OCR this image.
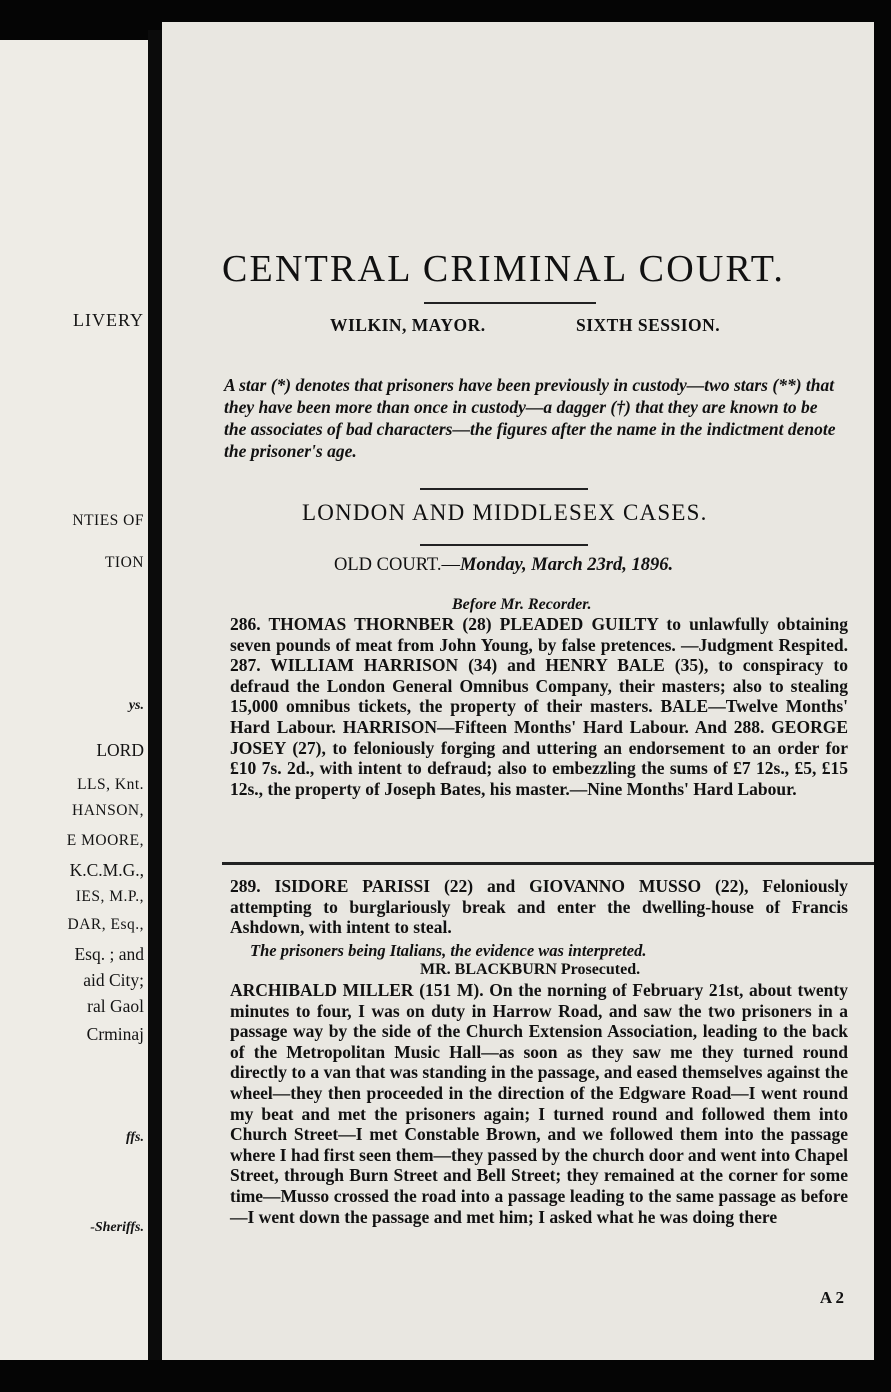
LIVERY
NTIES OF
TION
ys.
LORD
LLS, Knt.
HANSON,
E MOORE,
K.C.M.G.,
IES, M.P.,
DAR, Esq.,
Esq. ; and
aid City;
ral Gaol
Crminaj
ffs.
-Sheriffs.
CENTRAL CRIMINAL COURT.
WILKIN, MAYOR.	SIXTH SESSION.
A star (*) denotes that prisoners have been previously in custody—two stars (**) that they have been more than once in custody—a dagger (†) that they are known to be the associates of bad characters—the figures after the name in the indictment denote the prisoner's age.
LONDON AND MIDDLESEX CASES.
OLD COURT.—Monday, March 23rd, 1896.
Before Mr. Recorder.
286. THOMAS THORNBER (28) PLEADED GUILTY to unlawfully obtaining seven pounds of meat from John Young, by false pretences. —Judgment Respited. 287. WILLIAM HARRISON (34) and HENRY BALE (35), to conspiracy to defraud the London General Omnibus Company, their masters; also to stealing 15,000 omnibus tickets, the property of their masters. BALE—Twelve Months' Hard Labour. HARRISON—Fifteen Months' Hard Labour. And 288. GEORGE JOSEY (27), to feloniously forging and uttering an endorsement to an order for £10 7s. 2d., with intent to defraud; also to embezzling the sums of £7 12s., £5, £15 12s., the property of Joseph Bates, his master.—Nine Months' Hard Labour.
289. ISIDORE PARISSI (22) and GIOVANNO MUSSO (22), Feloniously attempting to burglariously break and enter the dwelling-house of Francis Ashdown, with intent to steal.
The prisoners being Italians, the evidence was interpreted.
MR. BLACKBURN Prosecuted.
ARCHIBALD MILLER (151 M). On the norning of February 21st, about twenty minutes to four, I was on duty in Harrow Road, and saw the two prisoners in a passage way by the side of the Church Extension Association, leading to the back of the Metropolitan Music Hall—as soon as they saw me they turned round directly to a van that was standing in the passage, and eased themselves against the wheel—they then proceeded in the direction of the Edgware Road—I went round my beat and met the prisoners again; I turned round and followed them into Church Street—I met Constable Brown, and we followed them into the passage where I had first seen them—they passed by the church door and went into Chapel Street, through Burn Street and Bell Street; they remained at the corner for some time—Musso crossed the road into a passage leading to the same passage as before—I went down the passage and met him; I asked what he was doing there
A 2
